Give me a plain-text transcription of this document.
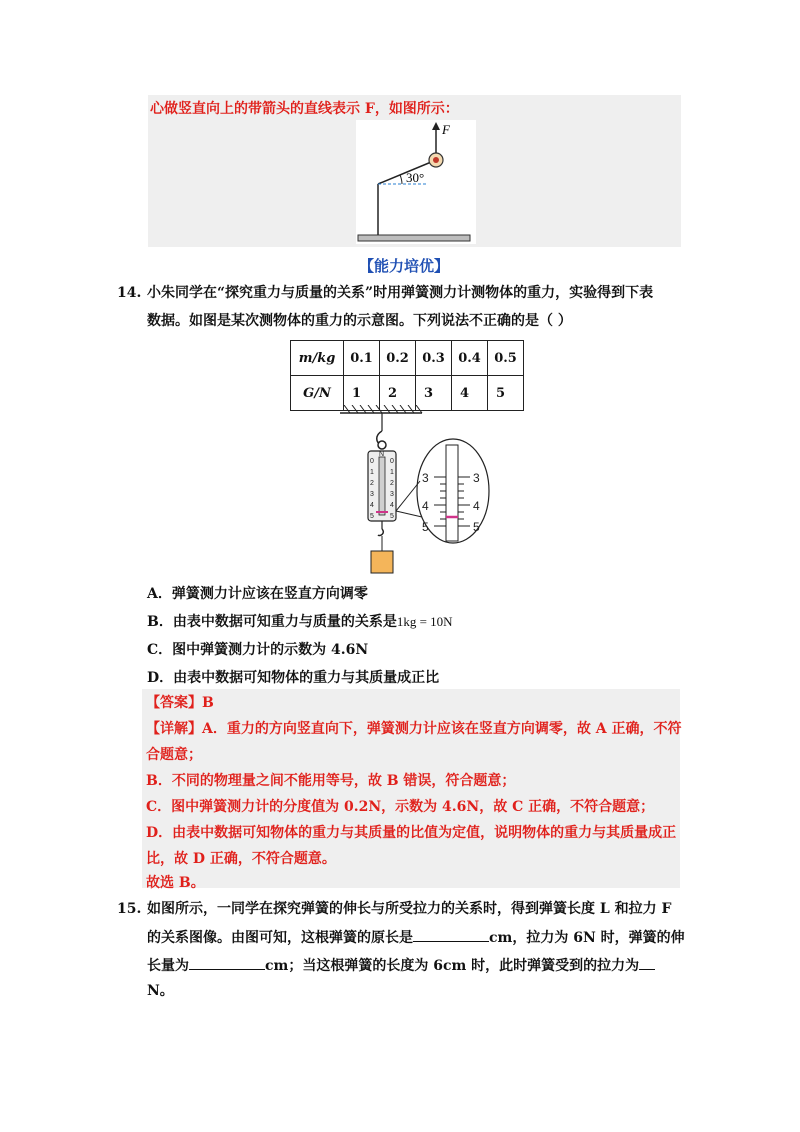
心做竖直向上的带箭头的直线表示 F，如图所示：
30°
F
【能力培优】
14. 小朱同学在“探究重力与质量的关系”时用弹簧测力计测物体的重力，实验得到下表
数据。如图是某次测物体的重力的示意图。下列说法不正确的是（ ）
m/kg	0.1	0.2	0.3	0.4	0.5
G/N	1	2	3	4	5
N
0
1
2
3
4
5
0
1
2
3
4
5
3
4
5
3
4
5
A．弹簧测力计应该在竖直方向调零
B．由表中数据可知重力与质量的关系是1kg = 10N
C．图中弹簧测力计的示数为 4.6N
D．由表中数据可知物体的重力与其质量成正比
【答案】B
【详解】A．重力的方向竖直向下，弹簧测力计应该在竖直方向调零，故 A 正确，不符
合题意；
B．不同的物理量之间不能用等号，故 B 错误，符合题意；
C．图中弹簧测力计的分度值为 0.2N，示数为 4.6N，故 C 正确，不符合题意；
D．由表中数据可知物体的重力与其质量的比值为定值，说明物体的重力与其质量成正
比，故 D 正确，不符合题意。
故选 B。
15. 如图所示，一同学在探究弹簧的伸长与所受拉力的关系时，得到弹簧长度 L 和拉力 F
的关系图像。由图可知，这根弹簧的原长是	cm，拉力为 6N 时，弹簧的伸
长量为	cm；当这根弹簧的长度为 6cm 时，此时弹簧受到的拉力为
N。
